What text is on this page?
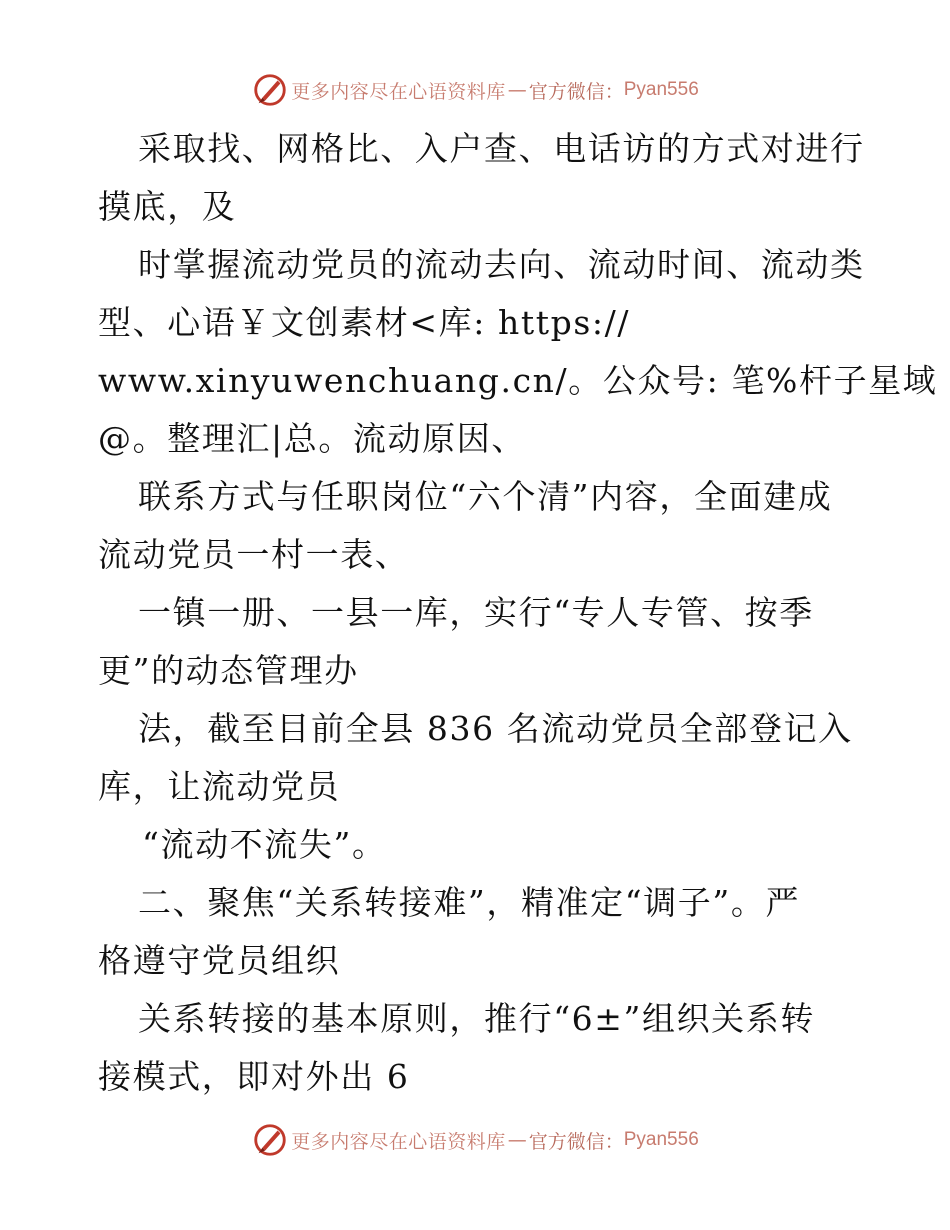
更多内容尽在心语资料库 — 官方微信： Pyan556
采取找、网格比、入户查、电话访的方式对进行
摸底，及
时掌握流动党员的流动去向、流动时间、流动类
型、心语￥文创素材<库: https://
www.xinyuwenchuang.cn/。公众号: 笔%杆子星域
@。整理汇|总。流动原因、
联系方式与任职岗位“六个清”内容，全面建成
流动党员一村一表、
一镇一册、一县一库，实行“专人专管、按季
更”的动态管理办
法，截至目前全县 836 名流动党员全部登记入
库，让流动党员
“流动不流失”。
二、聚焦“关系转接难”，精准定“调子”。严
格遵守党员组织
关系转接的基本原则，推行“6±”组织关系转
接模式，即对外出 6
更多内容尽在心语资料库 — 官方微信： Pyan556
